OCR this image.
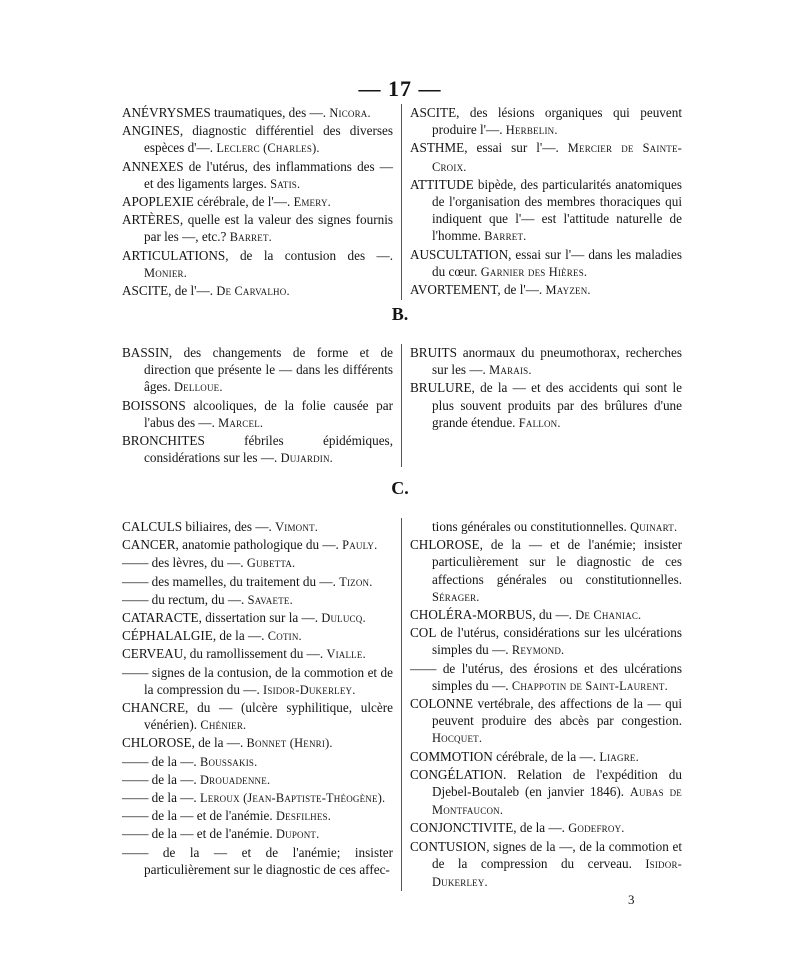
— 17 —

ANÉVRYSMES traumatiques, des —. Nicora.

ANGINES, diagnostic différentiel des diverses espèces d'—. Leclerc (Charles).

ANNEXES de l'utérus, des inflammations des — et des ligaments larges. Satis.

APOPLEXIE cérébrale, de l'—. Emery.

ARTÈRES, quelle est la valeur des signes fournis par les —, etc.? Barret.

ARTICULATIONS, de la contusion des —. Monier.

ASCITE, de l'—. De Carvalho.

ASCITE, des lésions organiques qui peuvent produire l'—. Herbelin.

ASTHME, essai sur l'—. Mercier de Sainte-Croix.

ATTITUDE bipède, des particularités anatomiques de l'organisation des membres thoraciques qui indiquent que l'— est l'attitude naturelle de l'homme. Barret.

AUSCULTATION, essai sur l'— dans les maladies du cœur. Garnier des Hières.

AVORTEMENT, de l'—. Mayzen.

B.

BASSIN, des changements de forme et de direction que présente le — dans les différents âges. Delloue.

BOISSONS alcooliques, de la folie causée par l'abus des —. Marcel.

BRONCHITES fébriles épidémiques, considérations sur les —. Dujardin.

BRUITS anormaux du pneumothorax, recherches sur les —. Marais.

BRULURE, de la — et des accidents qui sont le plus souvent produits par des brûlures d'une grande étendue. Fallon.

C.

CALCULS biliaires, des —. Vimont.

CANCER, anatomie pathologique du —. Pauly.

—— des lèvres, du —. Gubetta.

—— des mamelles, du traitement du —. Tizon.

—— du rectum, du —. Savaete.

CATARACTE, dissertation sur la —. Dulucq.

CÉPHALALGIE, de la —. Cotin.

CERVEAU, du ramollissement du —. Vialle.

—— signes de la contusion, de la commotion et de la compression du —. Isidor-Dukerley.

CHANCRE, du — (ulcère syphilitique, ulcère vénérien). Chénier.

CHLOROSE, de la —. Bonnet (Henri).

—— de la —. Boussakis.

—— de la —. Drouadenne.

—— de la —. Leroux (Jean-Baptiste-Théogène).

—— de la — et de l'anémie. Desfilhes.

—— de la — et de l'anémie. Dupont.

—— de la — et de l'anémie; insister particulièrement sur le diagnostic de ces affec-

tions générales ou constitutionnelles. Quinart.

CHLOROSE, de la — et de l'anémie; insister particulièrement sur le diagnostic de ces affections générales ou constitutionnelles. Sérager.

CHOLÉRA-MORBUS, du —. De Chaniac.

COL de l'utérus, considérations sur les ulcérations simples du —. Reymond.

—— de l'utérus, des érosions et des ulcérations simples du —. Chappotin de Saint-Laurent.

COLONNE vertébrale, des affections de la — qui peuvent produire des abcès par congestion. Hocquet.

COMMOTION cérébrale, de la —. Liagre.

CONGÉLATION. Relation de l'expédition du Djebel-Boutaleb (en janvier 1846). Aubas de Montfaucon.

CONJONCTIVITE, de la —. Godefroy.

CONTUSION, signes de la —, de la commotion et de la compression du cerveau. Isidor-Dukerley.

3
